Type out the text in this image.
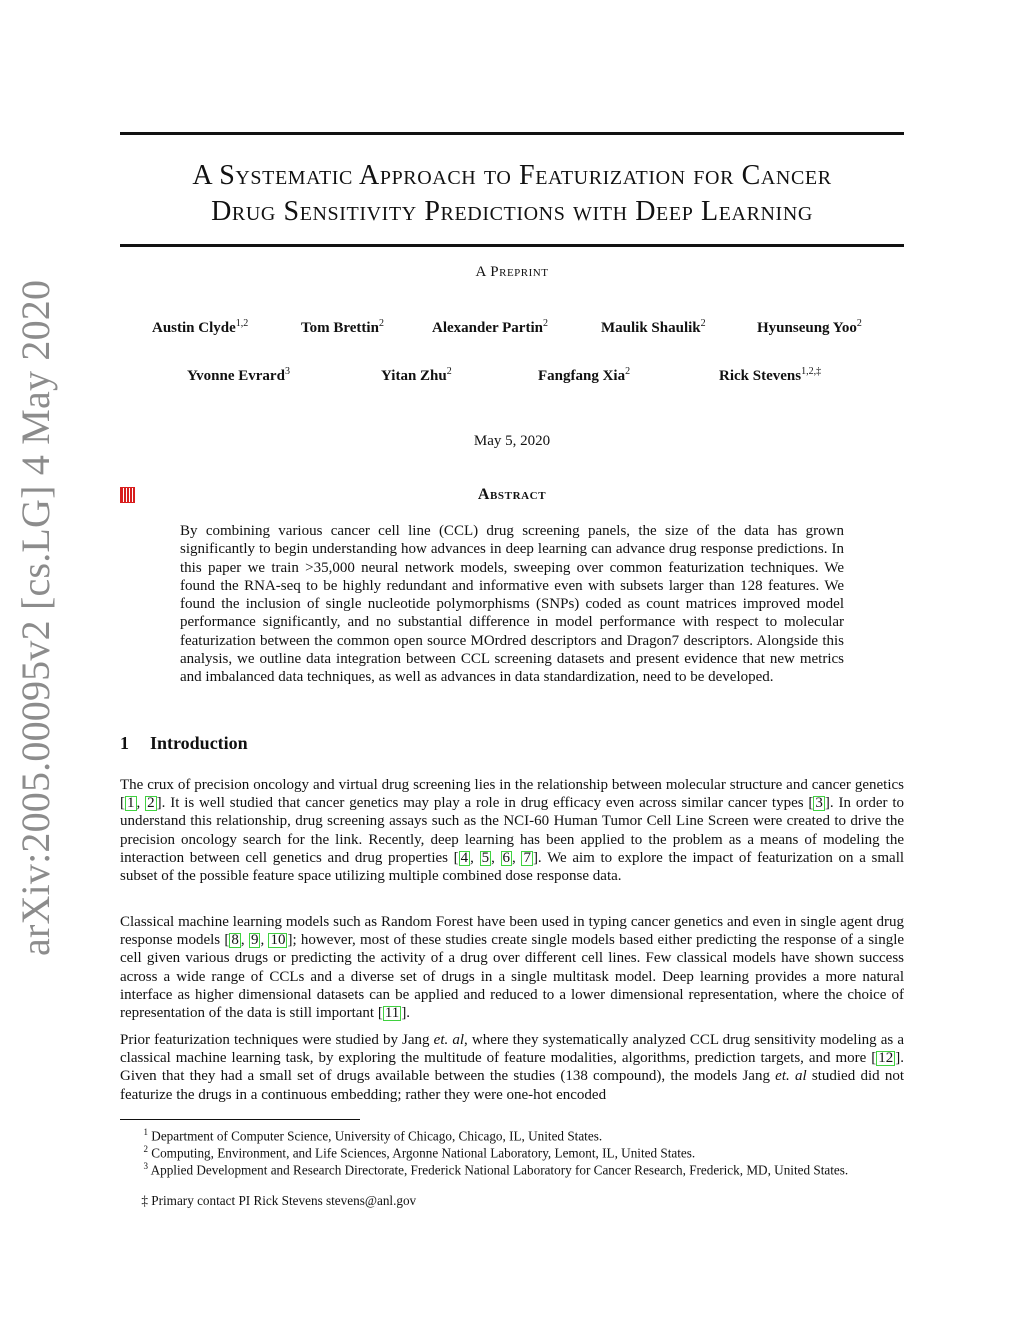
arXiv:2005.00095v2 [cs.LG] 4 May 2020
A Systematic Approach to Featurization for Cancer
Drug Sensitivity Predictions with Deep Learning
A Preprint
Austin Clyde$^{1,2}$	Tom Brettin$^2$	Alexander Partin$^2$	Maulik Shaulik$^2$	Hyunseung Yoo$^2$
Yvonne Evrard$^3$	Yitan Zhu$^2$	Fangfang Xia$^2$	Rick Stevens$^{1,2,\ddagger}$
May 5, 2020
Abstract

By combining various cancer cell line (CCL) drug screening panels, the size of the data has grown significantly to begin understanding how advances in deep learning can advance drug response predictions. In this paper we train >35,000 neural network models, sweeping over common featurization techniques. We found the RNA-seq to be highly redundant and informative even with subsets larger than 128 features. We found the inclusion of single nucleotide polymorphisms (SNPs) coded as count matrices improved model performance significantly, and no substantial difference in model performance with respect to molecular featurization between the common open source MOrdred descriptors and Dragon7 descriptors. Alongside this analysis, we outline data integration between CCL screening datasets and present evidence that new metrics and imbalanced data techniques, as well as advances in data standardization, need to be developed.

1 Introduction

The crux of precision oncology and virtual drug screening lies in the relationship between molecular structure and cancer genetics [ 1 , 2 ]. It is well studied that cancer genetics may play a role in drug efficacy even across similar cancer types [ 3 ]. In order to understand this relationship, drug screening assays such as the NCI-60 Human Tumor Cell Line Screen were created to drive the precision oncology search for the link. Recently, deep learning has been applied to the problem as a means of modeling the interaction between cell genetics and drug properties [ 4 , 5 , 6 , 7 ]. We aim to explore the impact of featurization on a small subset of the possible feature space utilizing multiple combined dose response data.

Classical machine learning models such as Random Forest have been used in typing cancer genetics and even in single agent drug response models [ 8 , 9 , 10 ]; however, most of these studies create single models based either predicting the response of a single cell given various drugs or predicting the activity of a drug over different cell lines. Few classical models have shown success across a wide range of CCLs and a diverse set of drugs in a single multitask model. Deep learning provides a more natural interface as higher dimensional datasets can be applied and reduced to a lower dimensional representation, where the choice of representation of the data is still important [ 11 ].

Prior featurization techniques were studied by Jang et. al, where they systematically analyzed CCL drug sensitivity modeling as a classical machine learning task, by exploring the multitude of feature modalities, algorithms, prediction targets, and more [ 12 ]. Given that they had a small set of drugs available between the studies (138 compound), the models Jang et. al studied did not featurize the drugs in a continuous embedding; rather they were one-hot encoded

$^1$ Department of Computer Science, University of Chicago, Chicago, IL, United States.

$^2$ Computing, Environment, and Life Sciences, Argonne National Laboratory, Lemont, IL, United States.

$^3$ Applied Development and Research Directorate, Frederick National Laboratory for Cancer Research, Frederick, MD, United States.

‡ Primary contact PI Rick Stevens stevens@anl.gov
